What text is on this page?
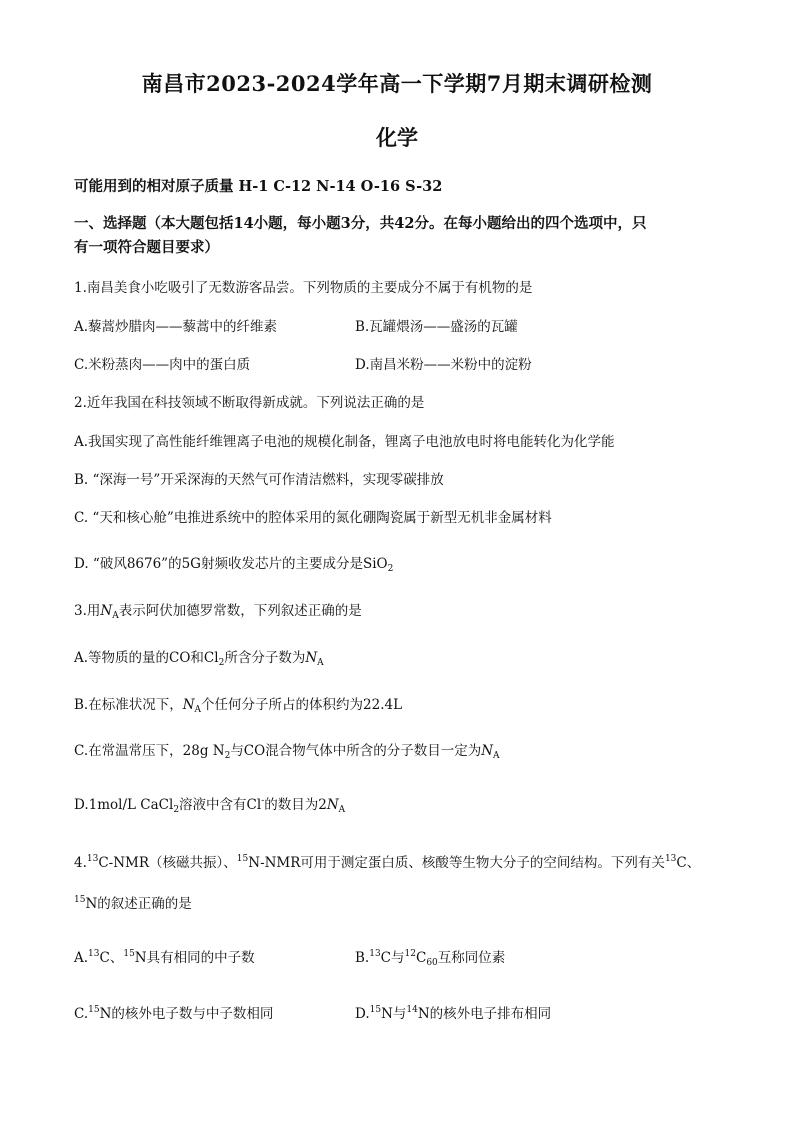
南昌市2023-2024学年高一下学期7月期末调研检测
化学
可能用到的相对原子质量 H-1 C-12 N-14 O-16 S-32
一、选择题（本大题包括14小题，每小题3分，共42分。在每小题给出的四个选项中，只
有一项符合题目要求）
1.南昌美食小吃吸引了无数游客品尝。下列物质的主要成分不属于有机物的是
A.藜蒿炒腊肉——藜蒿中的纤维素	B.瓦罐煨汤——盛汤的瓦罐
C.米粉蒸肉——肉中的蛋白质	D.南昌米粉——米粉中的淀粉
2.近年我国在科技领域不断取得新成就。下列说法正确的是
A.我国实现了高性能纤维锂离子电池的规模化制备，锂离子电池放电时将电能转化为化学能
B. “深海一号”开采深海的天然气可作清洁燃料，实现零碳排放
C. “天和核心舱”电推进系统中的腔体采用的氮化硼陶瓷属于新型无机非金属材料
D. “破风8676”的5G射频收发芯片的主要成分是SiO$_2$
3.用$N_A$表示阿伏加德罗常数，下列叙述正确的是
A.等物质的量的CO和$Cl_2$所含分子数为$N_A$
B.在标准状况下，$N_A$个任何分子所占的体积约为22.4L
C.在常温常压下，28g $N_2$与CO混合物气体中所含的分子数目一定为$N_A$
D.1mol/L CaCl$_2$溶液中含有Cl-的数目为$2N_A$
4.13C-NMR（核磁共振）、$^{15}$N-NMR可用于测定蛋白质、核酸等生物大分子的空间结构。下列有关$^{13}$C、
$^{15}$N的叙述正确的是
A.$^{13}$C、$^{15}$N具有相同的中子数	B.$^{13}$C与$^{12}C_{60}$互称同位素
C.$^{15}$N的核外电子数与中子数相同	D.$^{15}$N与$^{14}$N的核外电子排布相同
